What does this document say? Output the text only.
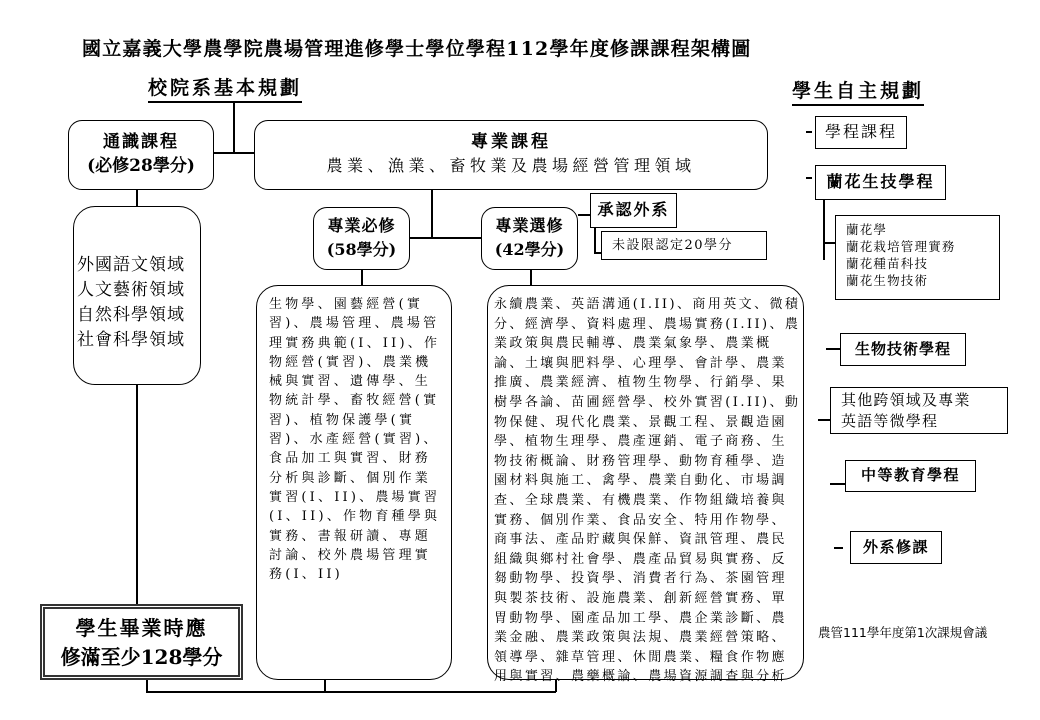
國立嘉義大學農學院農場管理進修學士學位學程112學年度修課課程架構圖
校院系基本規劃	學生自主規劃
通識課程
(必修28學分)
專業課程
農業、漁業、畜牧業及農場經營管理領域
外國語文領域
人文藝術領域
自然科學領域
社會科學領域
專業必修
(58學分)
專業選修
(42學分)
承認外系
未設限認定20學分
生物學、園藝經營(實習)、農場管理、農場管理實務典範(I、II)、作物經營(實習)、農業機械與實習、遺傳學、生物統計學、畜牧經營(實習)、植物保護學(實習)、水產經營(實習)、食品加工與實習、財務分析與診斷、個別作業實習(I、II)、農場實習(I、II)、作物育種學與實務、書報研讀、專題討論、校外農場管理實務(I、II)
永續農業、英語溝通(I.II)、商用英文、微積分、經濟學、資料處理、農場實務(I.II)、農業政策與農民輔導、農業氣象學、農業概論、土壤與肥料學、心理學、會計學、農業推廣、農業經濟、植物生物學、行銷學、果樹學各論、苗圃經營學、校外實習(I.II)、動物保健、現代化農業、景觀工程、景觀造園學、植物生理學、農產運銷、電子商務、生物技術概論、財務管理學、動物育種學、造園材料與施工、禽學、農業自動化、市場調查、全球農業、有機農業、作物組織培養與實務、個別作業、食品安全、特用作物學、商事法、產品貯藏與保鮮、資訊管理、農民組織與鄉村社會學、農產品貿易與實務、反芻動物學、投資學、消費者行為、茶園管理與製茶技術、設施農業、創新經營實務、單胃動物學、園產品加工學、農企業診斷、農業金融、農業政策與法規、農業經營策略、領導學、雜草管理、休閒農業、糧食作物應用與實習、農藥概論、農場資源調查與分析
學生畢業時應
修滿至少128學分
學程課程
蘭花生技學程
蘭花學
蘭花栽培管理實務
蘭花種苗科技
蘭花生物技術
生物技術學程
其他跨領域及專業
英語等微學程
中等教育學程
外系修課
農管111學年度第1次課規會議
